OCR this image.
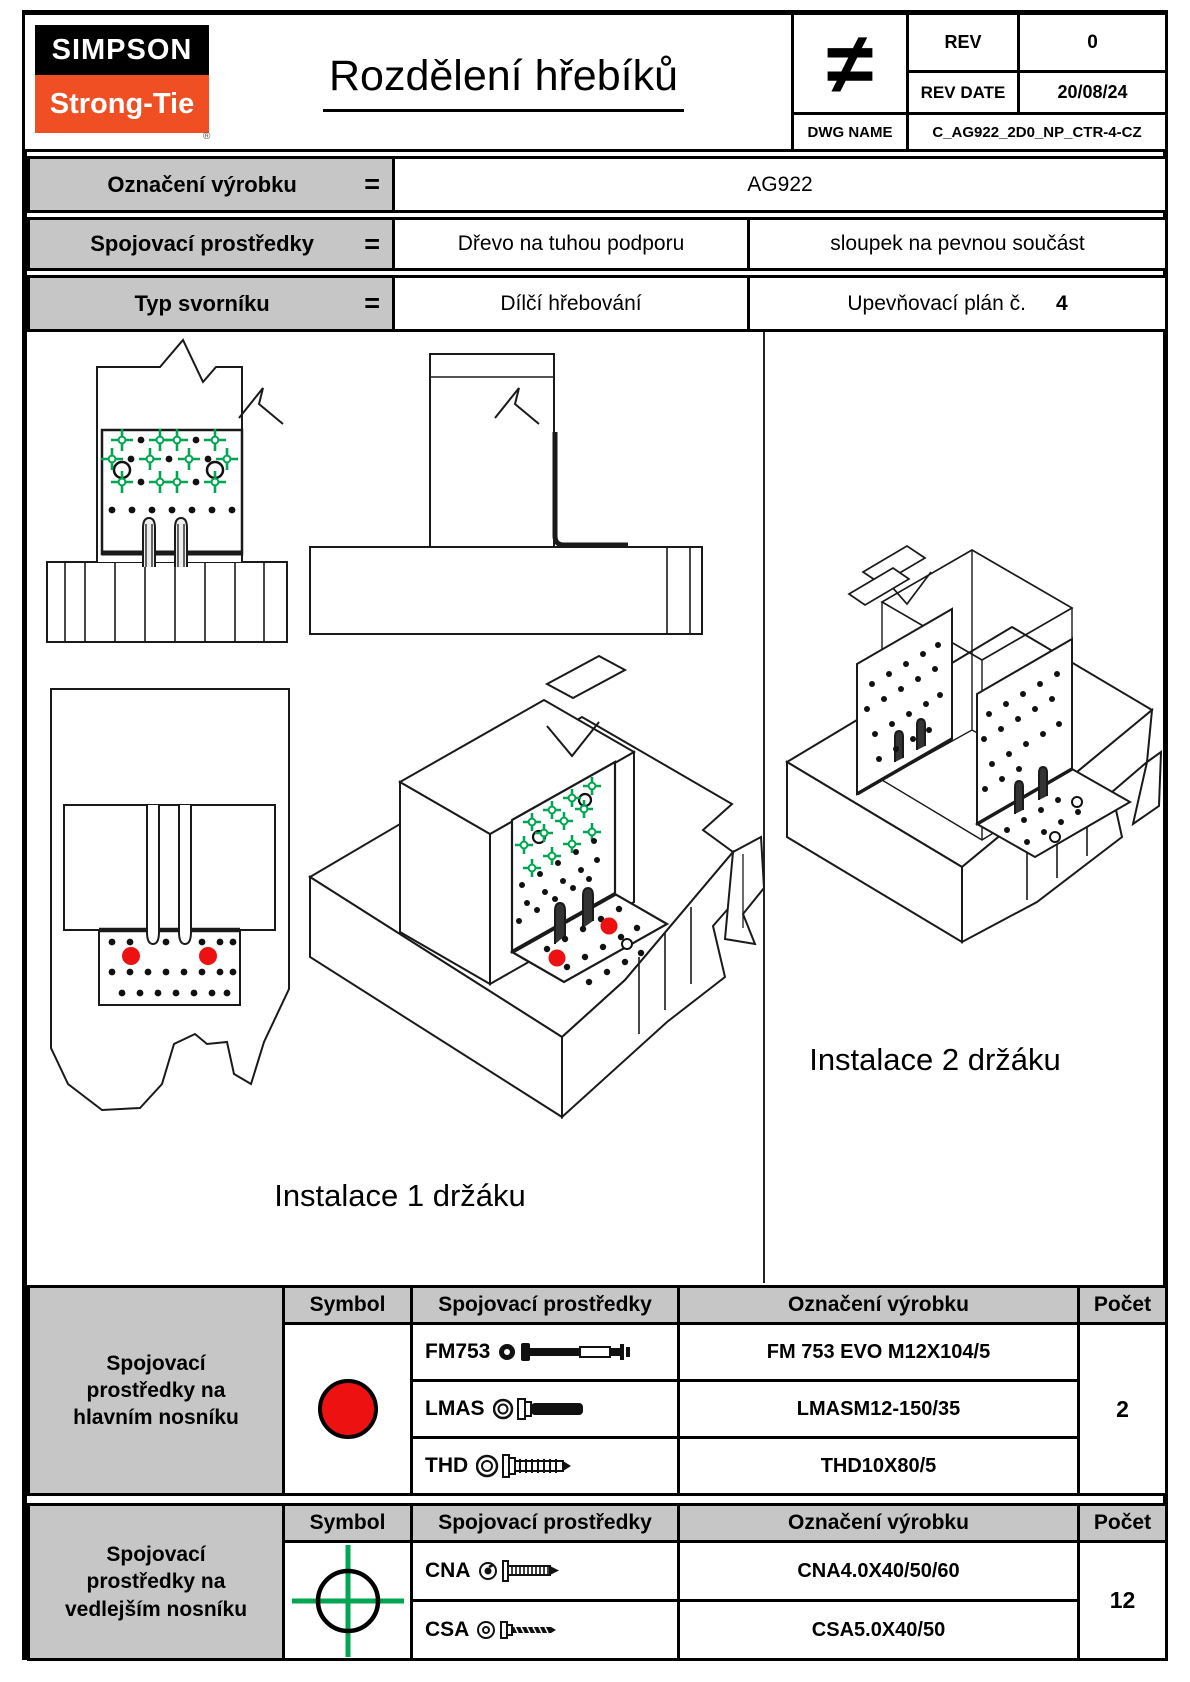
SIMPSON
Strong-Tie
®
Rozdělení hřebíků ≠	REV	0
REV DATE	20/08/24
DWG NAME	C_AG922_2D0_NP_CTR-4-CZ
Označení výrobku	=	AG922
Spojovací prostředky	=	Dřevo na tuhou podporu	sloupek na pevnou součást
Typ svorníku	=	Dílčí hřebování	Upevňovací plán č. 4
Instalace 1 držáku
Instalace 2 držáku
Spojovací prostředky na hlavním nosníku
Symbol	Spojovací prostředky	Označení výrobku	Počet
FM753	FM 753 EVO M12X104/5
LMAS	LMASM12-150/35
THD	THD10X80/5
2
Spojovací prostředky na vedlejším nosníku
Symbol	Spojovací prostředky	Označení výrobku	Počet
CNA	CNA4.0X40/50/60
CSA	CSA5.0X40/50
12
